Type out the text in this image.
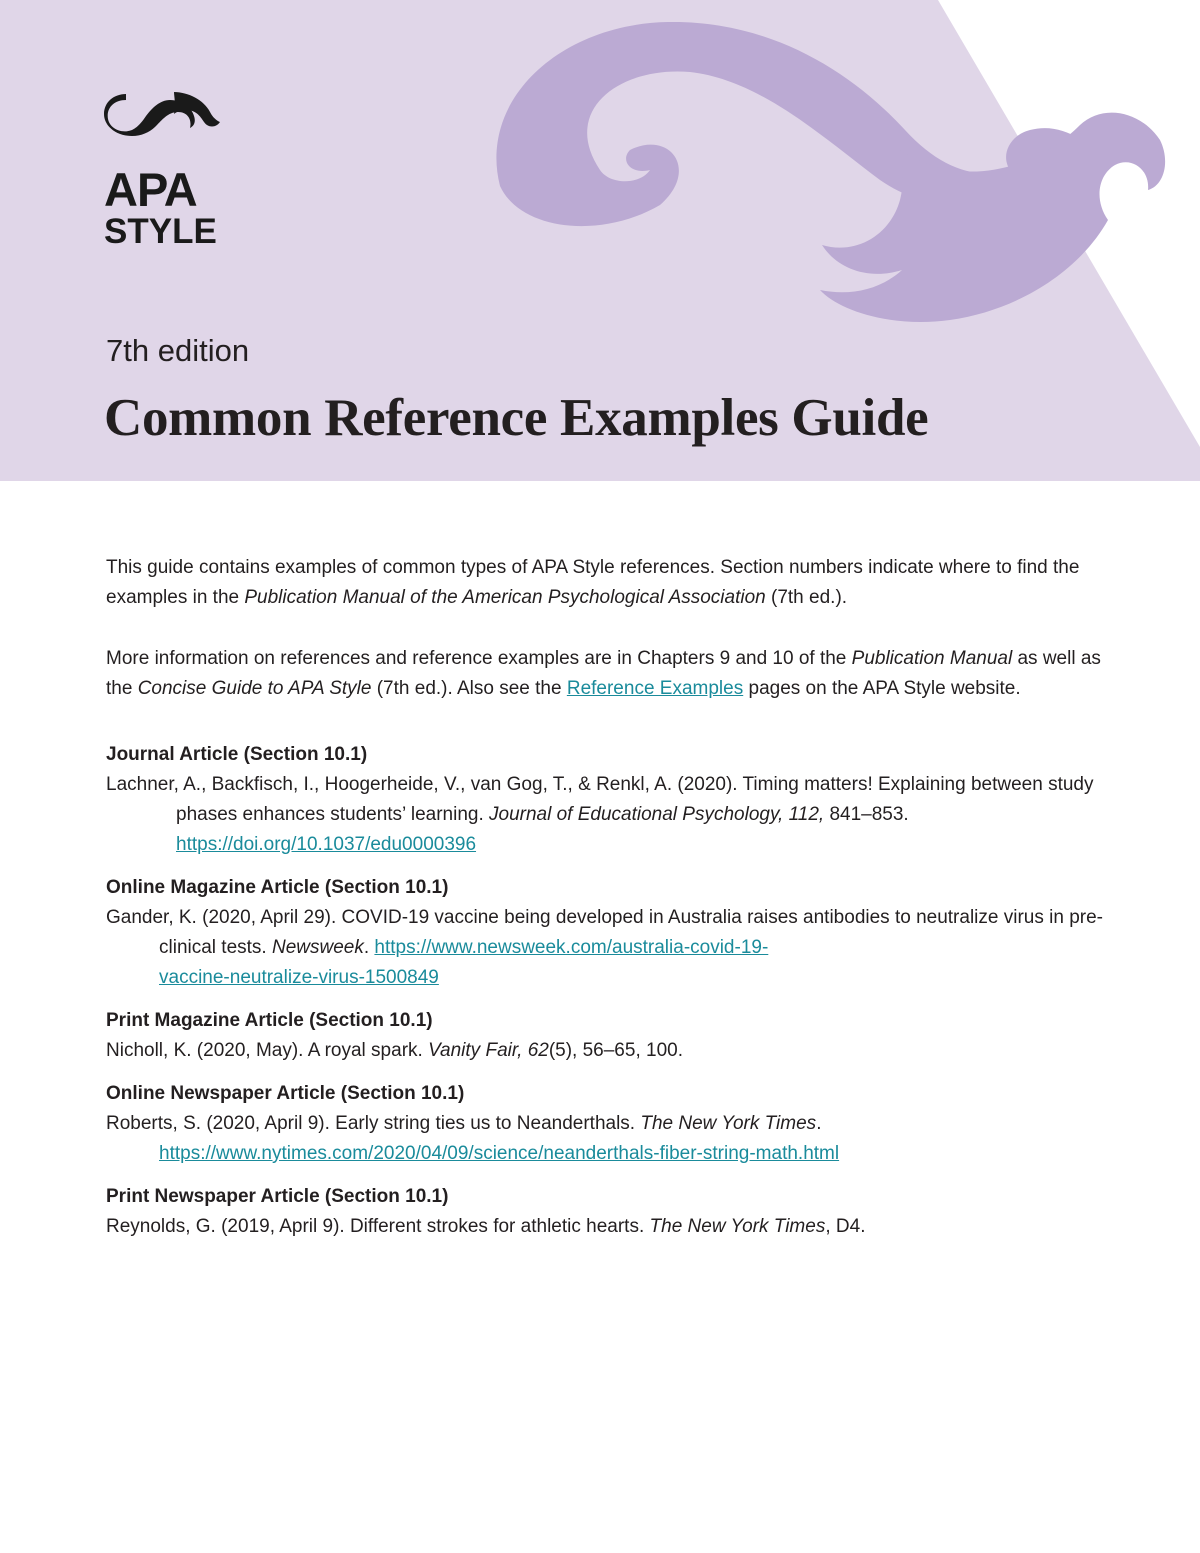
APA
STYLE
7th edition
Common Reference Examples Guide

This guide contains examples of common types of APA Style references. Section numbers indicate where to find the examples in the Publication Manual of the American Psychological Association (7th ed.).

More information on references and reference examples are in Chapters 9 and 10 of the Publication Manual as well as the Concise Guide to APA Style (7th ed.). Also see the Reference Examples pages on the APA Style website.

Journal Article (Section 10.1)

Lachner, A., Backfisch, I., Hoogerheide, V., van Gog, T., & Renkl, A. (2020). Timing matters! Explaining between study phases enhances students’ learning. Journal of Educational Psychology, 112, 841–853. https://doi.org/10.1037/edu0000396

Online Magazine Article (Section 10.1)

Gander, K. (2020, April 29). COVID-19 vaccine being developed in Australia raises antibodies to neutralize virus in pre-clinical tests. Newsweek. https://www.newsweek.com/australia-covid-19-
vaccine-neutralize-virus-1500849

Print Magazine Article (Section 10.1)

Nicholl, K. (2020, May). A royal spark. Vanity Fair, 62(5), 56–65, 100.

Online Newspaper Article (Section 10.1)

Roberts, S. (2020, April 9). Early string ties us to Neanderthals. The New York Times.

https://www.nytimes.com/2020/04/09/science/neanderthals-fiber-string-math.html

Print Newspaper Article (Section 10.1)

Reynolds, G. (2019, April 9). Different strokes for athletic hearts. The New York Times, D4.
